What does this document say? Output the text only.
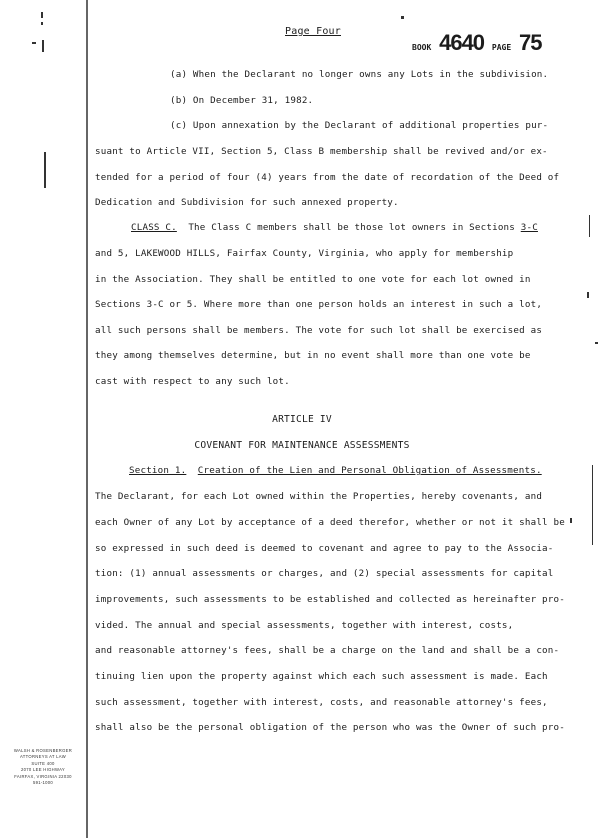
Page Four
BOOK 4640 PAGE 75
(a) When the Declarant no longer owns any Lots in the subdivision.
(b) On December 31, 1982.
(c) Upon annexation by the Declarant of additional properties pur-
suant to Article VII, Section 5, Class B membership shall be revived and/or ex-
tended for a period of four (4) years from the date of recordation of the Deed of
Dedication and Subdivision for such annexed property.
CLASS C. The Class C members shall be those lot owners in Sections 3-C
and 5, LAKEWOOD HILLS, Fairfax County, Virginia, who apply for membership
in the Association. They shall be entitled to one vote for each lot owned in
Sections 3-C or 5. Where more than one person holds an interest in such a lot,
all such persons shall be members. The vote for such lot shall be exercised as
they among themselves determine, but in no event shall more than one vote be
cast with respect to any such lot.
ARTICLE IV
COVENANT FOR MAINTENANCE ASSESSMENTS
Section 1. Creation of the Lien and Personal Obligation of Assessments.
The Declarant, for each Lot owned within the Properties, hereby covenants, and
each Owner of any Lot by acceptance of a deed therefor, whether or not it shall be
so expressed in such deed is deemed to covenant and agree to pay to the Associa-
tion: (1) annual assessments or charges, and (2) special assessments for capital
improvements, such assessments to be established and collected as hereinafter pro-
vided. The annual and special assessments, together with interest, costs,
and reasonable attorney's fees, shall be a charge on the land and shall be a con-
tinuing lien upon the property against which each such assessment is made. Each
such assessment, together with interest, costs, and reasonable attorney's fees,
shall also be the personal obligation of the person who was the Owner of such pro-
WALSH & ROSENBERGER
ATTORNEYS AT LAW
SUITE 400
2070 LEE HIGHWAY
FAIRFAX, VIRGINIA 22030
591-1000
